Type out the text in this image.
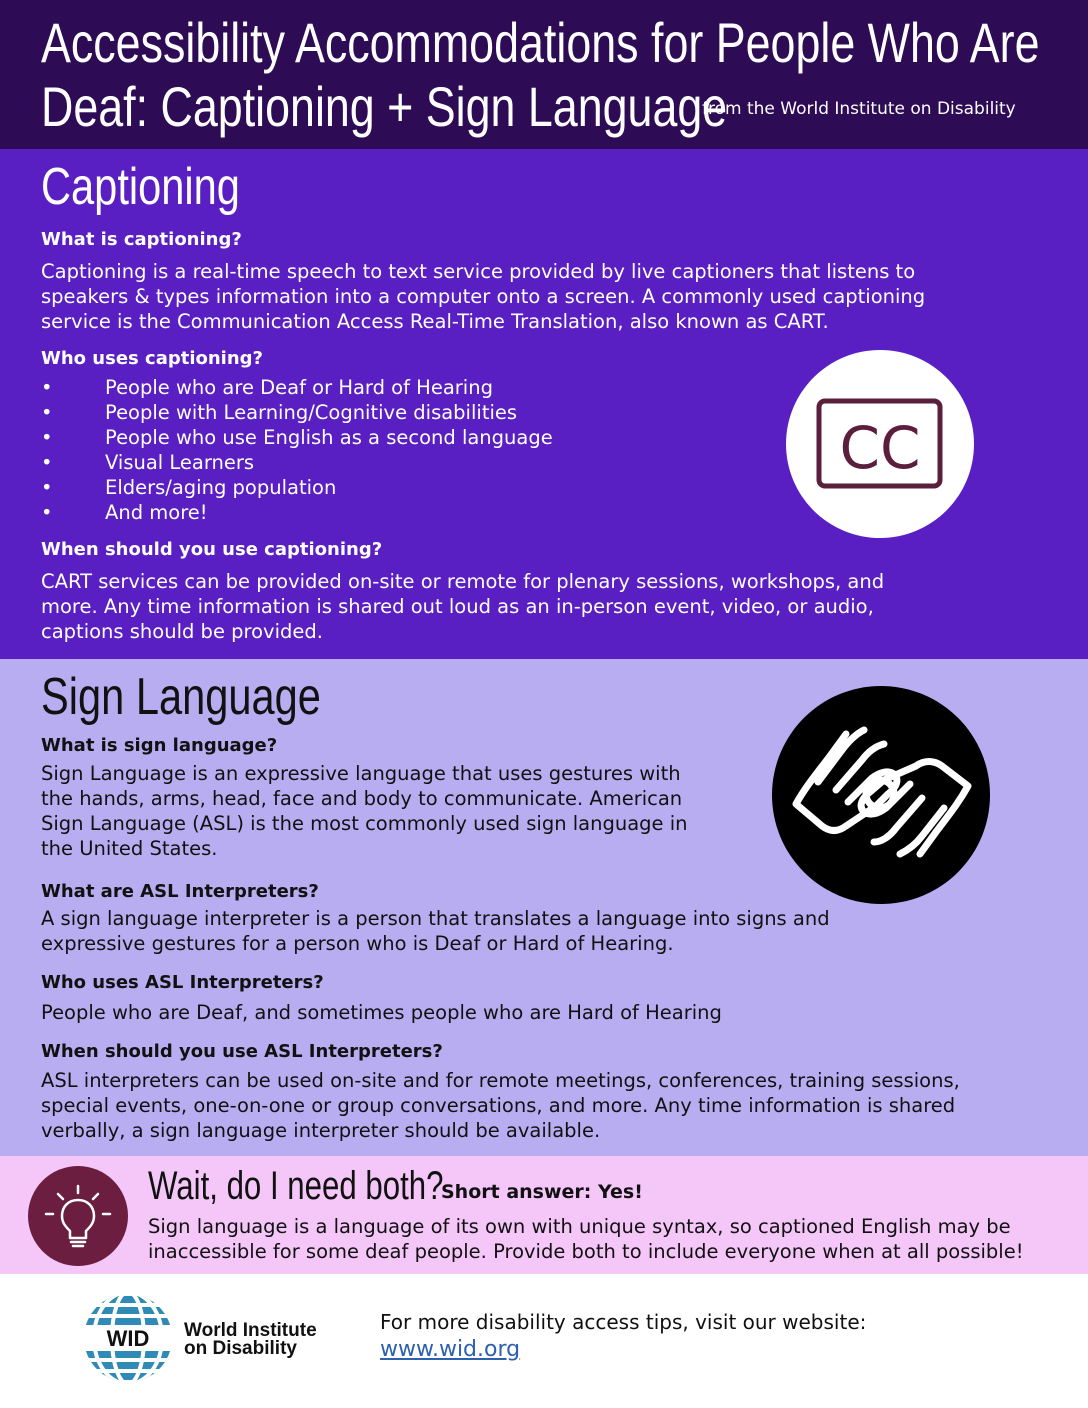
Accessibility Accommodations for People Who Are
Deaf: Captioning + Sign Language
from the World Institute on Disability
Captioning
What is captioning?
Captioning is a real-time speech to text service provided by live captioners that listens to speakers & types information into a computer onto a screen. A commonly used captioning service is the Communication Access Real-Time Translation, also known as CART.
Who uses captioning?
•	People who are Deaf or Hard of Hearing
•	People with Learning/Cognitive disabilities
•	People who use English as a second language
•	Visual Learners
•	Elders/aging population
•	And more!
CC
When should you use captioning?
CART services can be provided on-site or remote for plenary sessions, workshops, and more. Any time information is shared out loud as an in-person event, video, or audio, captions should be provided.
Sign Language
What is sign language?
Sign Language is an expressive language that uses gestures with the hands, arms, head, face and body to communicate. American Sign Language (ASL) is the most commonly used sign language in the United States.
What are ASL Interpreters?
A sign language interpreter is a person that translates a language into signs and expressive gestures for a person who is Deaf or Hard of Hearing.
Who uses ASL Interpreters?
People who are Deaf, and sometimes people who are Hard of Hearing
When should you use ASL Interpreters?
ASL interpreters can be used on-site and for remote meetings, conferences, training sessions, special events, one-on-one or group conversations, and more. Any time information is shared verbally, a sign language interpreter should be available.
Wait, do I need both?
Short answer: Yes!
Sign language is a language of its own with unique syntax, so captioned English may be inaccessible for some deaf people. Provide both to include everyone when at all possible!
WID World Institute
on Disability
For more disability access tips, visit our website:
www.wid.org
